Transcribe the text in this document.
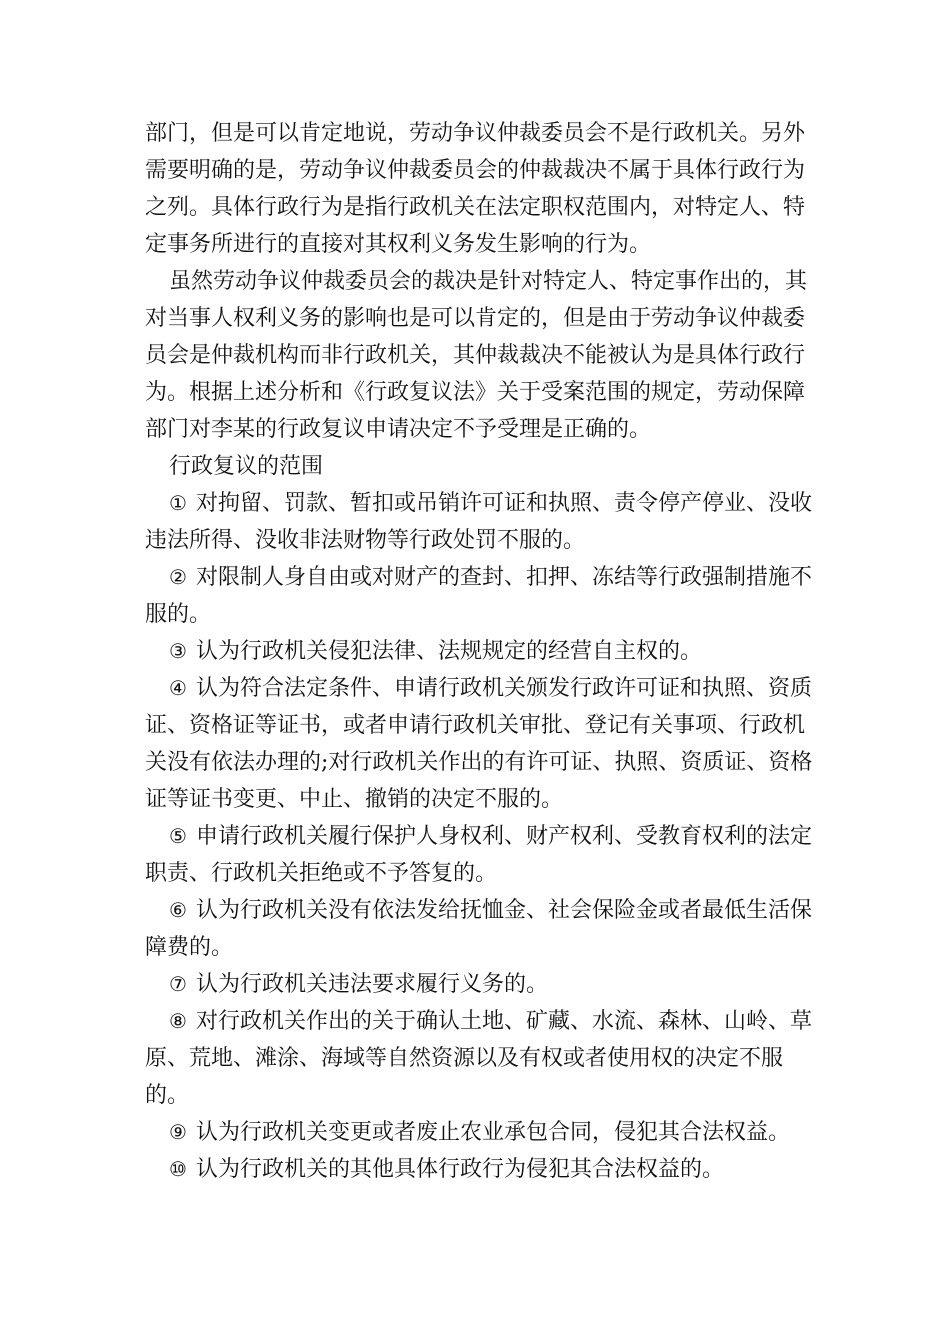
部门，但是可以肯定地说，劳动争议仲裁委员会不是行政机关。另外需要明确的是，劳动争议仲裁委员会的仲裁裁决不属于具体行政行为之列。具体行政行为是指行政机关在法定职权范围内，对特定人、特定事务所进行的直接对其权利义务发生影响的行为。

虽然劳动争议仲裁委员会的裁决是针对特定人、特定事作出的，其对当事人权利义务的影响也是可以肯定的，但是由于劳动争议仲裁委员会是仲裁机构而非行政机关，其仲裁裁决不能被认为是具体行政行为。根据上述分析和《行政复议法》关于受案范围的规定，劳动保障部门对李某的行政复议申请决定不予受理是正确的。

行政复议的范围

① 对拘留、罚款、暂扣或吊销许可证和执照、责令停产停业、没收违法所得、没收非法财物等行政处罚不服的。

② 对限制人身自由或对财产的查封、扣押、冻结等行政强制措施不服的。

③ 认为行政机关侵犯法律、法规规定的经营自主权的。

④ 认为符合法定条件、申请行政机关颁发行政许可证和执照、资质证、资格证等证书，或者申请行政机关审批、登记有关事项、行政机关没有依法办理的;对行政机关作出的有许可证、执照、资质证、资格证等证书变更、中止、撤销的决定不服的。

⑤ 申请行政机关履行保护人身权利、财产权利、受教育权利的法定职责、行政机关拒绝或不予答复的。

⑥ 认为行政机关没有依法发给抚恤金、社会保险金或者最低生活保障费的。

⑦ 认为行政机关违法要求履行义务的。

⑧ 对行政机关作出的关于确认土地、矿藏、水流、森林、山岭、草原、荒地、滩涂、海域等自然资源以及有权或者使用权的决定不服的。

⑨ 认为行政机关变更或者废止农业承包合同，侵犯其合法权益。

⑩ 认为行政机关的其他具体行政行为侵犯其合法权益的。
